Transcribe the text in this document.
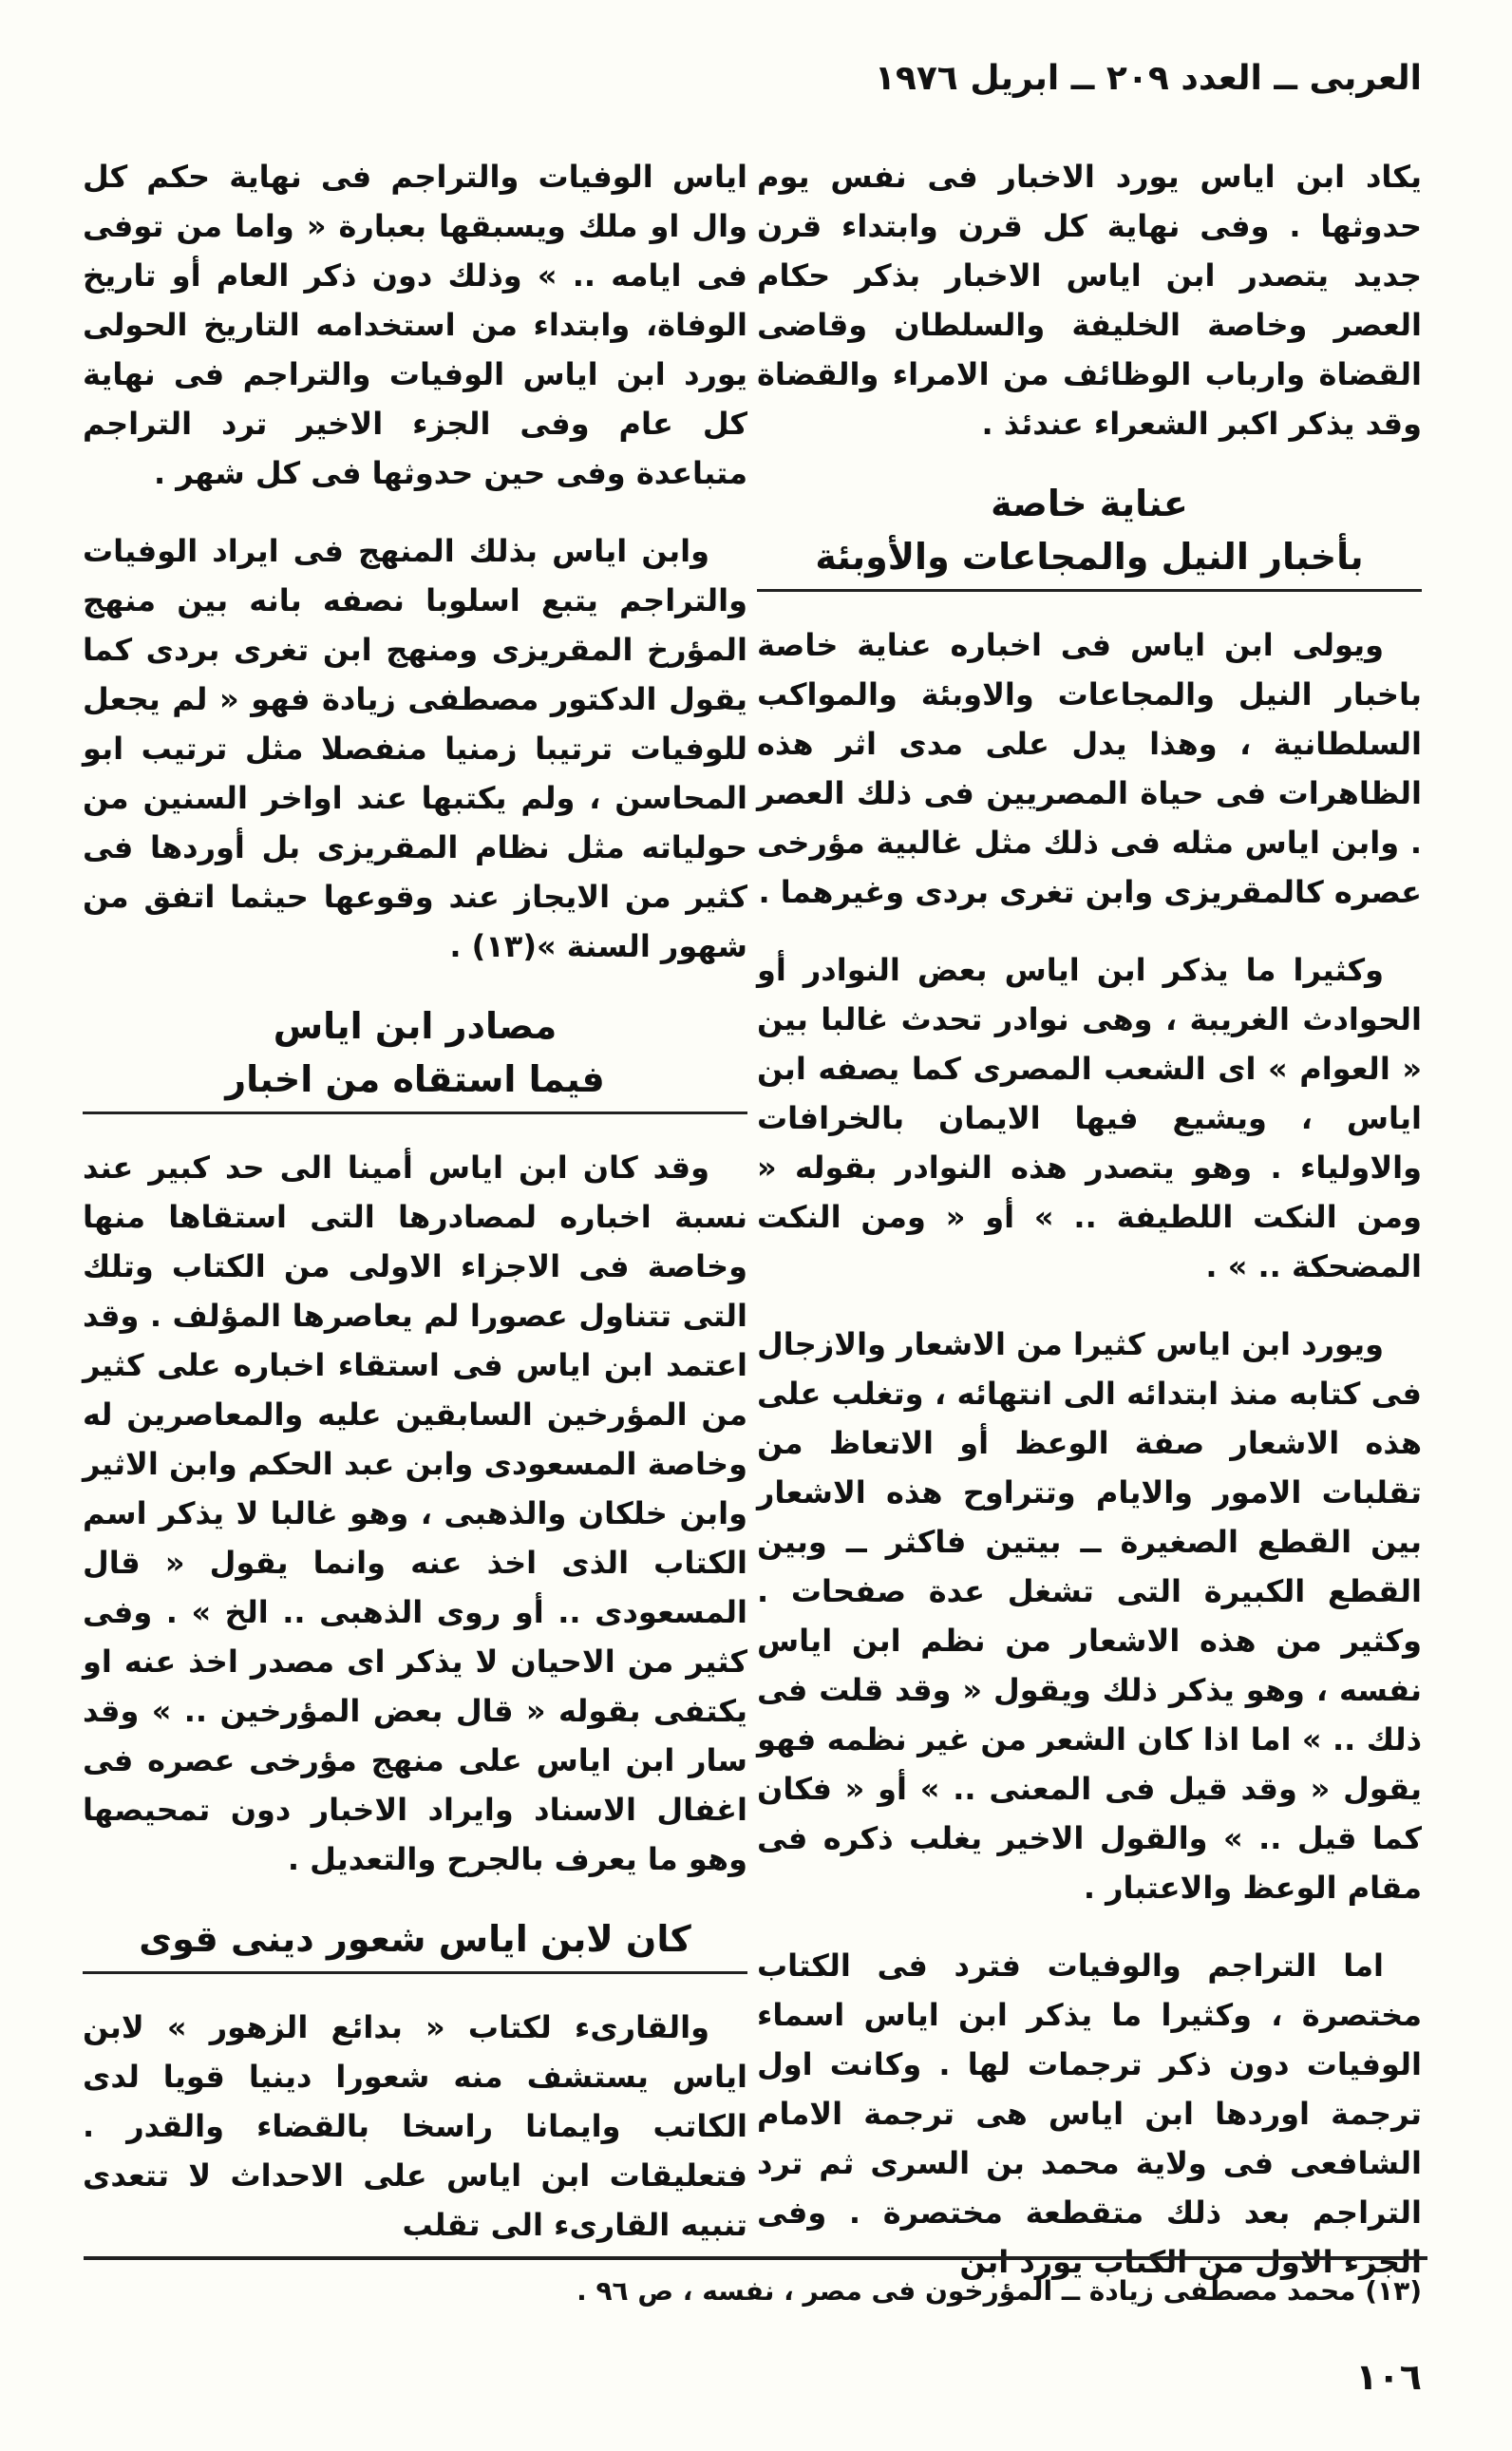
العربى ــ العدد ٢٠٩ ــ ابريل ١٩٧٦

يكاد ابن اياس يورد الاخبار فى نفس يوم حدوثها . وفى نهاية كل قرن وابتداء قرن جديد يتصدر ابن اياس الاخبار بذكر حكام العصر وخاصة الخليفة والسلطان وقاضى القضاة وارباب الوظائف من الامراء والقضاة وقد يذكر اكبر الشعراء عندئذ .

عناية خاصة
بأخبار النيل والمجاعات والأوبئة

ويولى ابن اياس فى اخباره عناية خاصة باخبار النيل والمجاعات والاوبئة والمواكب السلطانية ، وهذا يدل على مدى اثر هذه الظاهرات فى حياة المصريين فى ذلك العصر . وابن اياس مثله فى ذلك مثل غالبية مؤرخى عصره كالمقريزى وابن تغرى بردى وغيرهما .

وكثيرا ما يذكر ابن اياس بعض النوادر أو الحوادث الغريبة ، وهى نوادر تحدث غالبا بين « العوام » اى الشعب المصرى كما يصفه ابن اياس ، ويشيع فيها الايمان بالخرافات والاولياء . وهو يتصدر هذه النوادر بقوله « ومن النكت اللطيفة .. » أو « ومن النكت المضحكة .. » .

ويورد ابن اياس كثيرا من الاشعار والازجال فى كتابه منذ ابتدائه الى انتهائه ، وتغلب على هذه الاشعار صفة الوعظ أو الاتعاظ من تقلبات الامور والايام وتتراوح هذه الاشعار بين القطع الصغيرة ــ بيتين فاكثر ــ وبين القطع الكبيرة التى تشغل عدة صفحات . وكثير من هذه الاشعار من نظم ابن اياس نفسه ، وهو يذكر ذلك ويقول « وقد قلت فى ذلك .. » اما اذا كان الشعر من غير نظمه فهو يقول « وقد قيل فى المعنى .. » أو « فكان كما قيل .. » والقول الاخير يغلب ذكره فى مقام الوعظ والاعتبار .

اما التراجم والوفيات فترد فى الكتاب مختصرة ، وكثيرا ما يذكر ابن اياس اسماء الوفيات دون ذكر ترجمات لها . وكانت اول ترجمة اوردها ابن اياس هى ترجمة الامام الشافعى فى ولاية محمد بن السرى ثم ترد التراجم بعد ذلك متقطعة مختصرة . وفى الجزء الاول من الكتاب يورد ابن

اياس الوفيات والتراجم فى نهاية حكم كل وال او ملك ويسبقها بعبارة « واما من توفى فى ايامه .. » وذلك دون ذكر العام أو تاريخ الوفاة، وابتداء من استخدامه التاريخ الحولى يورد ابن اياس الوفيات والتراجم فى نهاية كل عام وفى الجزء الاخير ترد التراجم متباعدة وفى حين حدوثها فى كل شهر .

وابن اياس بذلك المنهج فى ايراد الوفيات والتراجم يتبع اسلوبا نصفه بانه بين منهج المؤرخ المقريزى ومنهج ابن تغرى بردى كما يقول الدكتور مصطفى زيادة فهو « لم يجعل للوفيات ترتيبا زمنيا منفصلا مثل ترتيب ابو المحاسن ، ولم يكتبها عند اواخر السنين من حولياته مثل نظام المقريزى بل أوردها فى كثير من الايجاز عند وقوعها حيثما اتفق من شهور السنة »(١٣) .

مصادر ابن اياس
فيما استقاه من اخبار

وقد كان ابن اياس أمينا الى حد كبير عند نسبة اخباره لمصادرها التى استقاها منها وخاصة فى الاجزاء الاولى من الكتاب وتلك التى تتناول عصورا لم يعاصرها المؤلف . وقد اعتمد ابن اياس فى استقاء اخباره على كثير من المؤرخين السابقين عليه والمعاصرين له وخاصة المسعودى وابن عبد الحكم وابن الاثير وابن خلكان والذهبى ، وهو غالبا لا يذكر اسم الكتاب الذى اخذ عنه وانما يقول « قال المسعودى .. أو روى الذهبى .. الخ » . وفى كثير من الاحيان لا يذكر اى مصدر اخذ عنه او يكتفى بقوله « قال بعض المؤرخين .. » وقد سار ابن اياس على منهج مؤرخى عصره فى اغفال الاسناد وايراد الاخبار دون تمحيصها وهو ما يعرف بالجرح والتعديل .

كان لابن اياس شعور دينى قوى

والقارىء لكتاب « بدائع الزهور » لابن اياس يستشف منه شعورا دينيا قويا لدى الكاتب وايمانا راسخا بالقضاء والقدر . فتعليقات ابن اياس على الاحداث لا تتعدى تنبيه القارىء الى تقلب

(١٣) محمد مصطفى زيادة ــ المؤرخون فى مصر ، نفسه ، ص ٩٦ .
١٠٦
